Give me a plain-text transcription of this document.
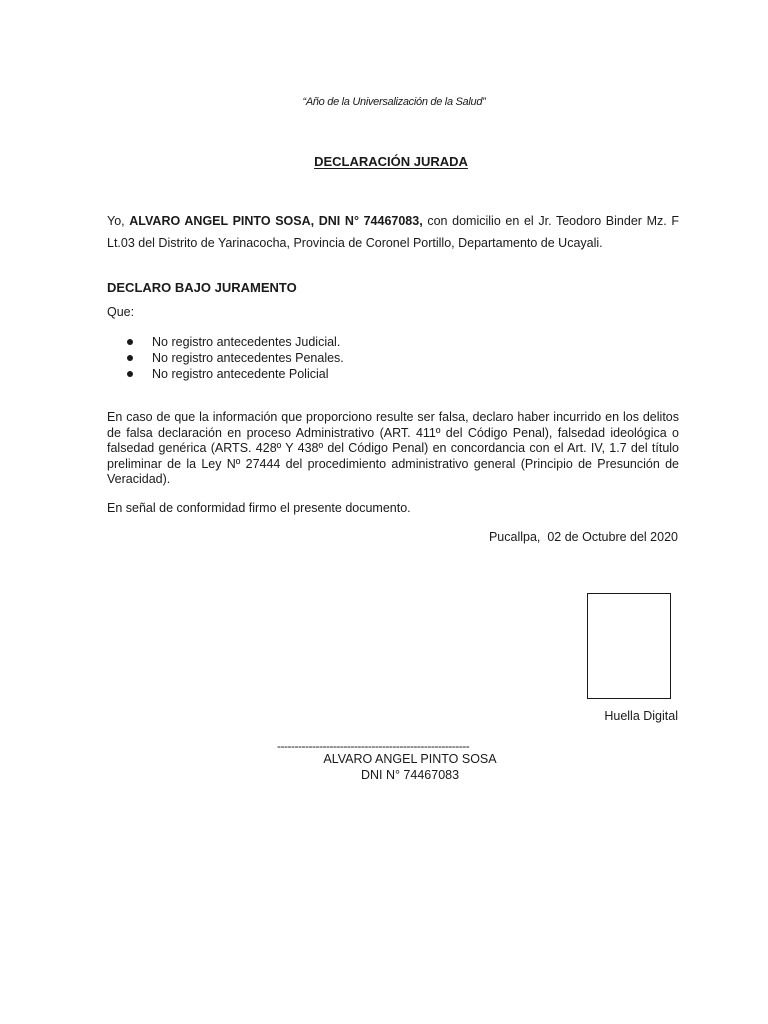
“Año de la Universalización de la Salud”
DECLARACIÓN JURADA
Yo, ALVARO ANGEL PINTO SOSA, DNI N° 74467083, con domicilio en el Jr. Teodoro Binder Mz. F Lt.03 del Distrito de Yarinacocha, Provincia de Coronel Portillo, Departamento de Ucayali.
DECLARO BAJO JURAMENTO
Que:
No registro antecedentes Judicial.
No registro antecedentes Penales.
No registro antecedente Policial
En caso de que la información que proporciono resulte ser falsa, declaro haber incurrido en los delitos de falsa declaración en proceso Administrativo (ART. 411º del Código Penal), falsedad ideológica o falsedad genérica (ARTS. 428º Y 438º del Código Penal) en concordancia con el Art. IV, 1.7 del título preliminar de la Ley Nº 27444 del procedimiento administrativo general (Principio de Presunción de Veracidad).
En señal de conformidad firmo el presente documento.
Pucallpa,  02 de Octubre del 2020
Huella Digital
-------------------------------------------------------
ALVARO ANGEL PINTO SOSA
DNI N° 74467083
